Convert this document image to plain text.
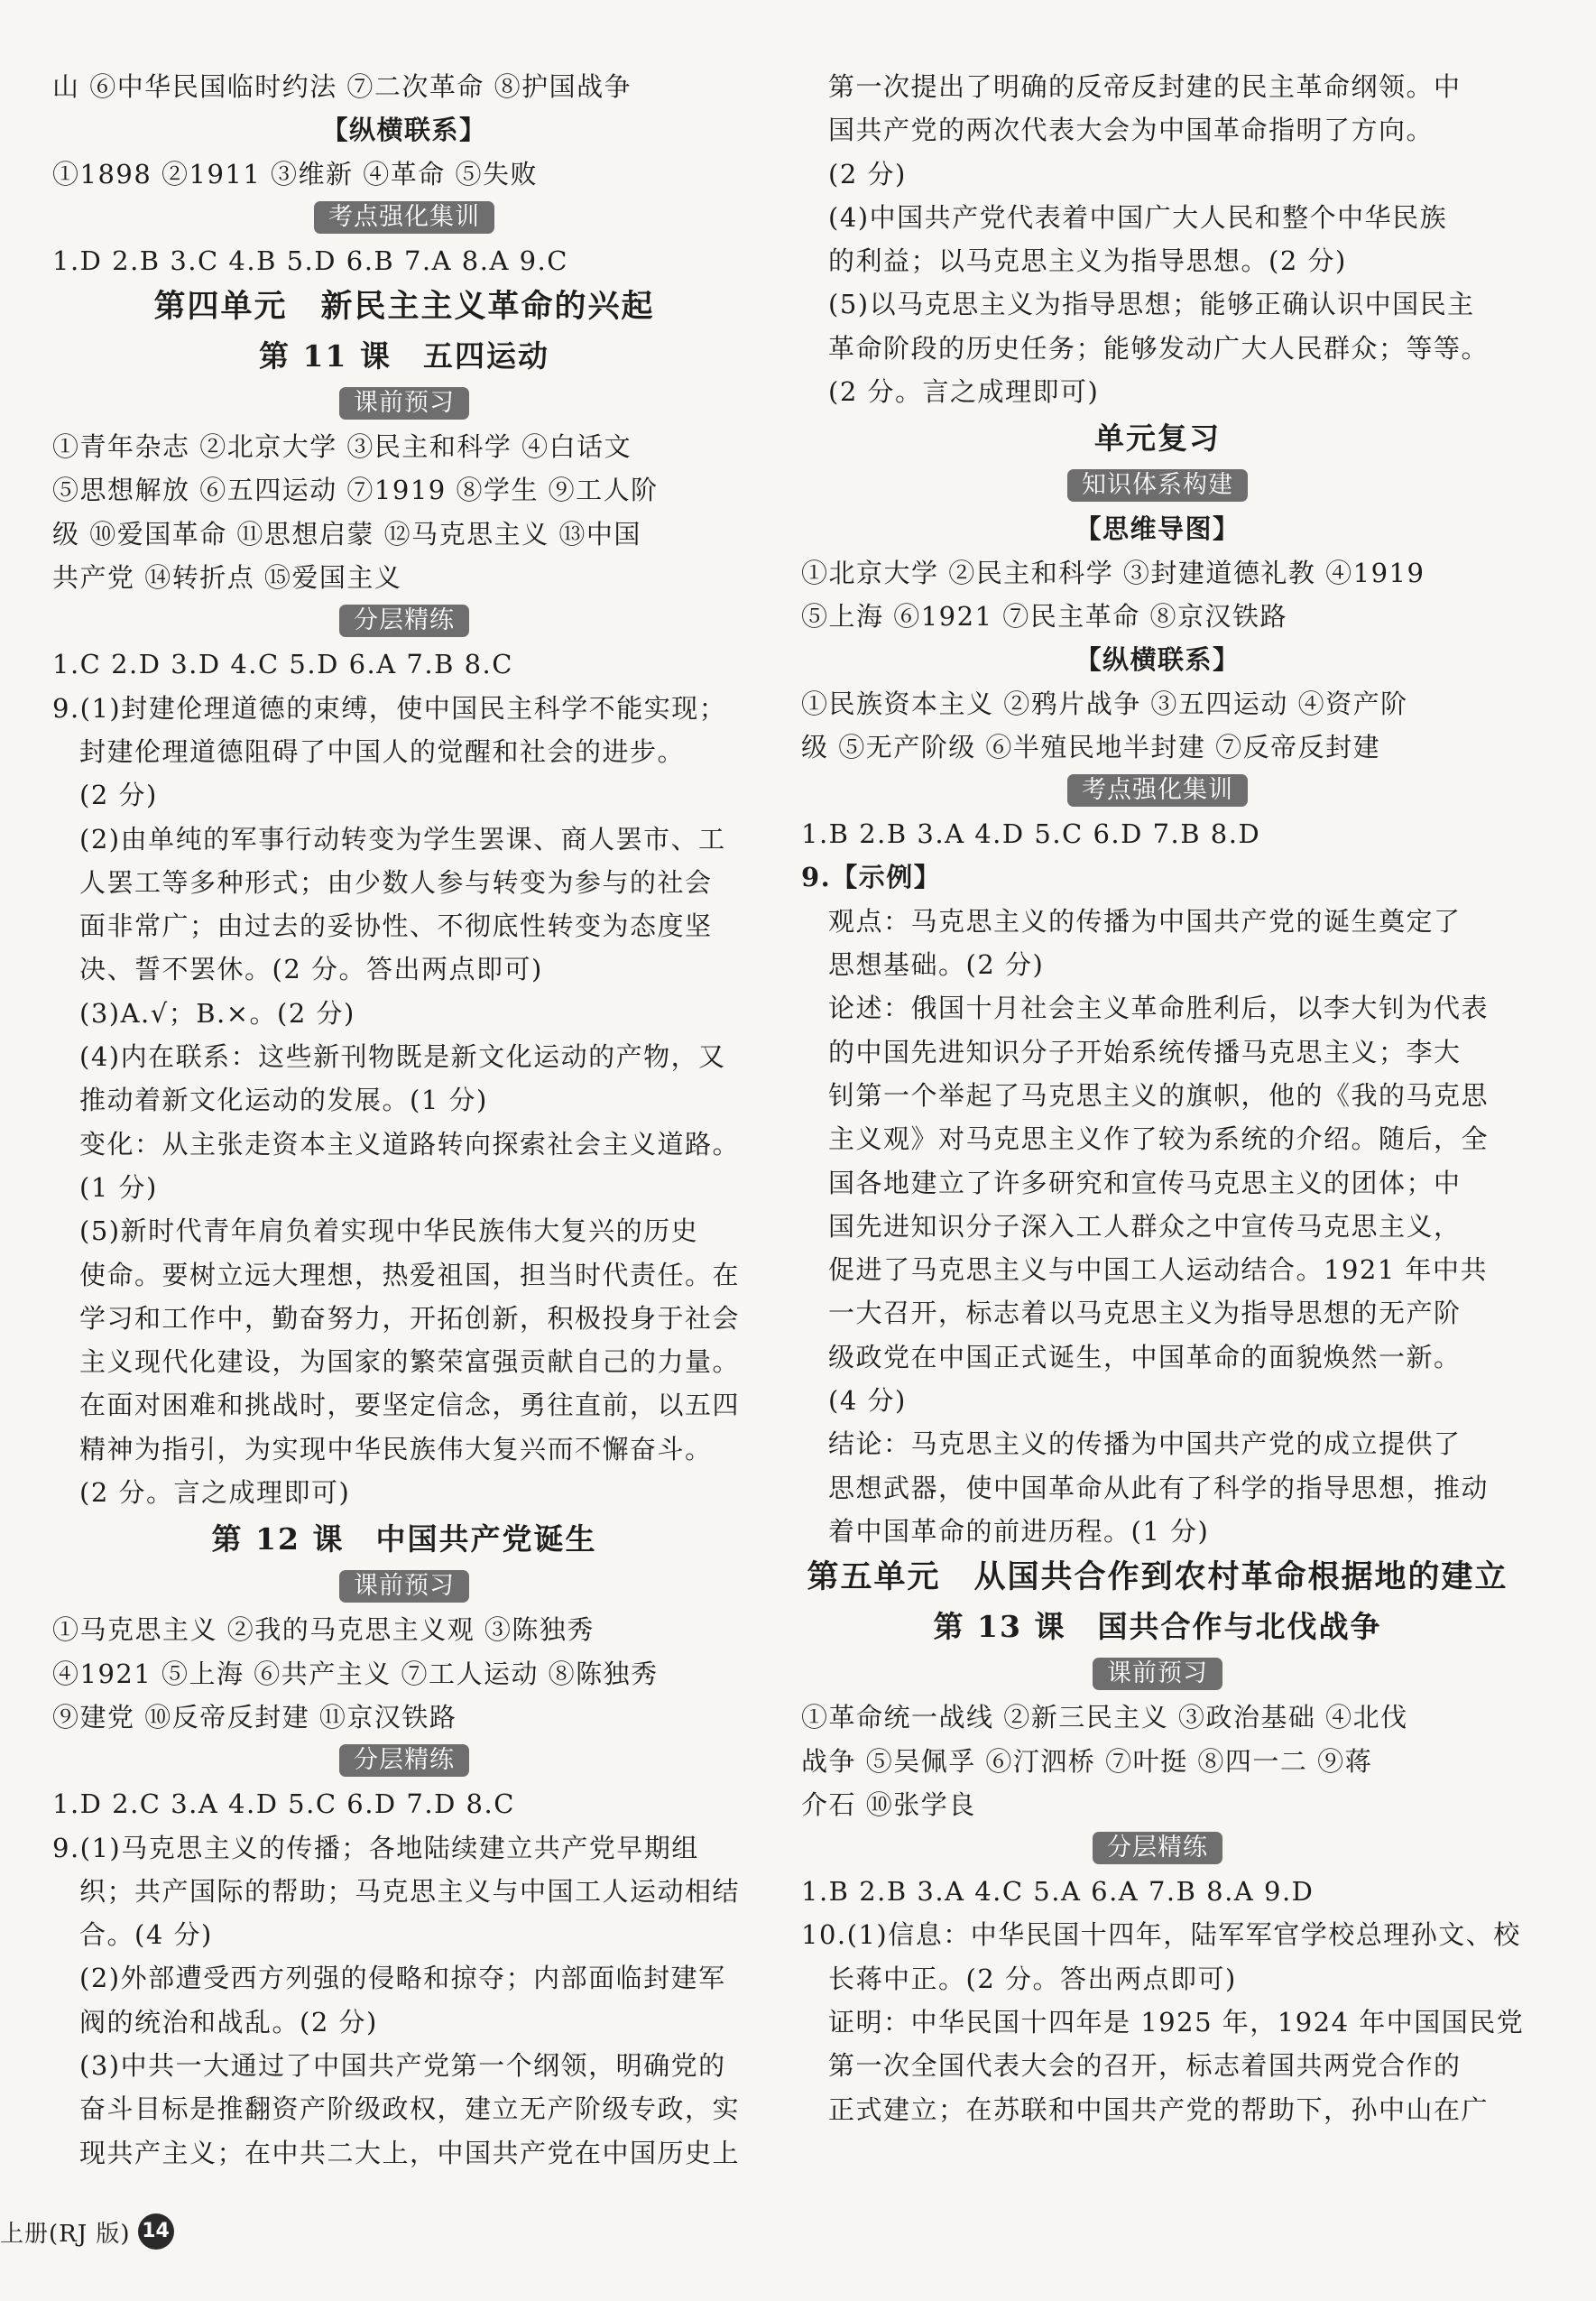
山 ⑥中华民国临时约法 ⑦二次革命 ⑧护国战争

【纵横联系】

①1898 ②1911 ③维新 ④革命 ⑤失败

考点强化集训

1.D 2.B 3.C 4.B 5.D 6.B 7.A 8.A 9.C

第四单元　新民主主义革命的兴起
第 11 课　五四运动
课前预习

①青年杂志 ②北京大学 ③民主和科学 ④白话文

⑤思想解放 ⑥五四运动 ⑦1919 ⑧学生 ⑨工人阶

级 ⑩爱国革命 ⑪思想启蒙 ⑫马克思主义 ⑬中国

共产党 ⑭转折点 ⑮爱国主义

分层精练

1.C 2.D 3.D 4.C 5.D 6.A 7.B 8.C

9.(1)封建伦理道德的束缚，使中国民主科学不能实现；

封建伦理道德阻碍了中国人的觉醒和社会的进步。

(2 分)

(2)由单纯的军事行动转变为学生罢课、商人罢市、工

人罢工等多种形式；由少数人参与转变为参与的社会

面非常广；由过去的妥协性、不彻底性转变为态度坚

决、誓不罢休。(2 分。答出两点即可)

(3)A.√；B.×。(2 分)

(4)内在联系：这些新刊物既是新文化运动的产物，又

推动着新文化运动的发展。(1 分)

变化：从主张走资本主义道路转向探索社会主义道路。

(1 分)

(5)新时代青年肩负着实现中华民族伟大复兴的历史

使命。要树立远大理想，热爱祖国，担当时代责任。在

学习和工作中，勤奋努力，开拓创新，积极投身于社会

主义现代化建设，为国家的繁荣富强贡献自己的力量。

在面对困难和挑战时，要坚定信念，勇往直前，以五四

精神为指引，为实现中华民族伟大复兴而不懈奋斗。

(2 分。言之成理即可)

第 12 课　中国共产党诞生
课前预习

①马克思主义 ②我的马克思主义观 ③陈独秀

④1921 ⑤上海 ⑥共产主义 ⑦工人运动 ⑧陈独秀

⑨建党 ⑩反帝反封建 ⑪京汉铁路

分层精练

1.D 2.C 3.A 4.D 5.C 6.D 7.D 8.C

9.(1)马克思主义的传播；各地陆续建立共产党早期组

织；共产国际的帮助；马克思主义与中国工人运动相结

合。(4 分)

(2)外部遭受西方列强的侵略和掠夺；内部面临封建军

阀的统治和战乱。(2 分)

(3)中共一大通过了中国共产党第一个纲领，明确党的

奋斗目标是推翻资产阶级政权，建立无产阶级专政，实

现共产主义；在中共二大上，中国共产党在中国历史上

第一次提出了明确的反帝反封建的民主革命纲领。中

国共产党的两次代表大会为中国革命指明了方向。

(2 分)

(4)中国共产党代表着中国广大人民和整个中华民族

的利益；以马克思主义为指导思想。(2 分)

(5)以马克思主义为指导思想；能够正确认识中国民主

革命阶段的历史任务；能够发动广大人民群众；等等。

(2 分。言之成理即可)

单元复习
知识体系构建

【思维导图】

①北京大学 ②民主和科学 ③封建道德礼教 ④1919

⑤上海 ⑥1921 ⑦民主革命 ⑧京汉铁路

【纵横联系】

①民族资本主义 ②鸦片战争 ③五四运动 ④资产阶

级 ⑤无产阶级 ⑥半殖民地半封建 ⑦反帝反封建

考点强化集训

1.B 2.B 3.A 4.D 5.C 6.D 7.B 8.D

9.【示例】

观点：马克思主义的传播为中国共产党的诞生奠定了

思想基础。(2 分)

论述：俄国十月社会主义革命胜利后，以李大钊为代表

的中国先进知识分子开始系统传播马克思主义；李大

钊第一个举起了马克思主义的旗帜，他的《我的马克思

主义观》对马克思主义作了较为系统的介绍。随后，全

国各地建立了许多研究和宣传马克思主义的团体；中

国先进知识分子深入工人群众之中宣传马克思主义，

促进了马克思主义与中国工人运动结合。1921 年中共

一大召开，标志着以马克思主义为指导思想的无产阶

级政党在中国正式诞生，中国革命的面貌焕然一新。

(4 分)

结论：马克思主义的传播为中国共产党的成立提供了

思想武器，使中国革命从此有了科学的指导思想，推动

着中国革命的前进历程。(1 分)

第五单元　从国共合作到农村革命根据地的建立
第 13 课　国共合作与北伐战争
课前预习

①革命统一战线 ②新三民主义 ③政治基础 ④北伐

战争 ⑤吴佩孚 ⑥汀泗桥 ⑦叶挺 ⑧四一二 ⑨蒋

介石 ⑩张学良

分层精练

1.B 2.B 3.A 4.C 5.A 6.A 7.B 8.A 9.D

10.(1)信息：中华民国十四年，陆军军官学校总理孙文、校

长蒋中正。(2 分。答出两点即可)

证明：中华民国十四年是 1925 年，1924 年中国国民党

第一次全国代表大会的召开，标志着国共两党合作的

正式建立；在苏联和中国共产党的帮助下，孙中山在广

上册(RJ 版) 14
